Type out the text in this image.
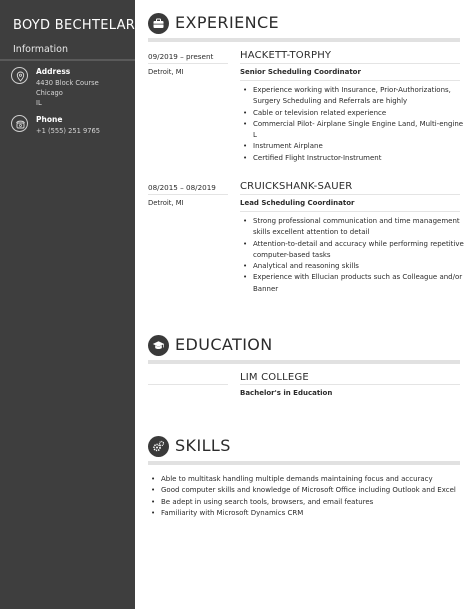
BOYD BECHTELAR
Information
Address
4430 Block Course
Chicago
IL
Phone
+1 (555) 251 9765
EXPERIENCE
09/2019 – present	HACKETT-TORPHY
Detroit, MI	Senior Scheduling Coordinator
• Experience working with Insurance, Prior-Authorizations,
Surgery Scheduling and Referrals are highly
• Cable or television related experience
• Commercial Pilot- Airplane Single Engine Land, Multi-engine L
• Instrument Airplane
• Certified Flight Instructor-Instrument
08/2015 – 08/2019 CRUICKSHANK-SAUER
Detroit, MI	Lead Scheduling Coordinator
• Strong professional communication and time management
skills excellent attention to detail
• Attention-to-detail and accuracy while performing repetitive
computer-based tasks
• Analytical and reasoning skills
• Experience with Ellucian products such as Colleague and/or
Banner
EDUCATION
LIM COLLEGE
Bachelor's in Education
SKILLS
• Able to multitask handling multiple demands maintaining focus and accuracy
• Good computer skills and knowledge of Microsoft Office including Outlook and Excel
• Be adept in using search tools, browsers, and email features
• Familiarity with Microsoft Dynamics CRM
